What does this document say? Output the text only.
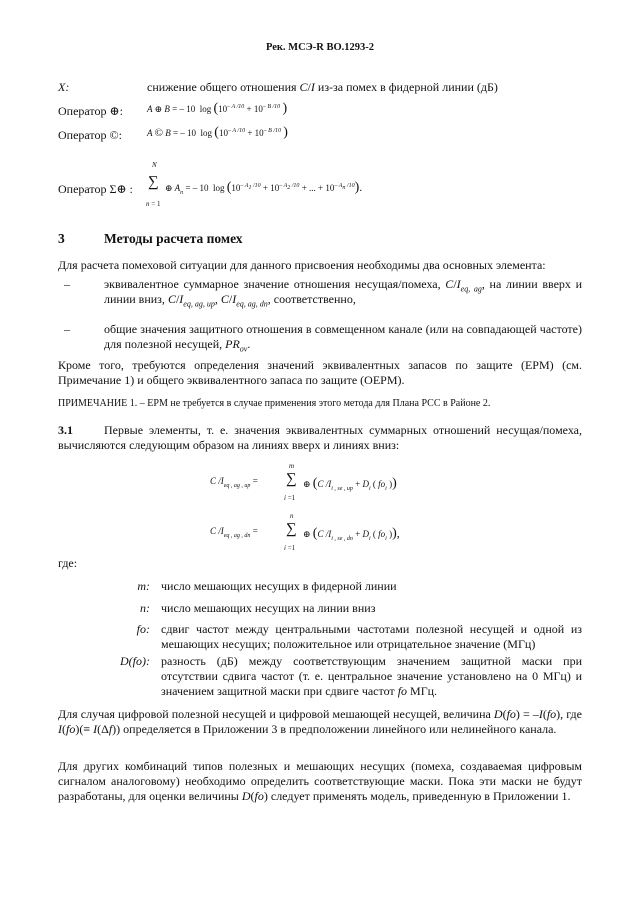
Рек. МСЭ-R BO.1293-2
X:	снижение общего отношения C/I из-за помех в фидерной линии (дБ)
Оператор ⊕:	A ⊕ B = – 10  $\log (10^{- A /10} + 10^{- B /10}$ )
Оператор ©:	A © B = – 10  $\log (10^{- A /10} + 10^{- B /10}$ )
Оператор Σ⊕ :
N
∑
n = 1
⊕ $A_n$ = – 10  $\log (10^{- A_1 /10} + 10^{- A_2 /10}$ + ... + $10^{- A_n /10}$).
3	Методы расчета помех
Для расчета помеховой ситуации для данного присвоения необходимы два основных элемента:
–	эквивалентное суммарное значение отношения несущая/помеха, $C/I_{eq, ag}$, на линии вверх и линии вниз, $C/I_{eq, ag, up}$, $C/I_{eq, ag, dn}$, соответственно,
–	общие значения защитного отношения в совмещенном канале (или на совпадающей частоте) для полезной несущей, $PR_{ov}$.
Кроме того, требуются определения значений эквивалентных запасов по защите (EPM) (см. Примечание 1) и общего эквивалентного запаса по защите (OEPM).
ПРИМЕЧАНИЕ 1. – EPM не требуется в случае применения этого метода для Плана РСС в Районе 2.
3.1	Первые элементы, т. е. значения эквивалентных суммарных отношений несущая/помеха, вычисляются следующим образом на линиях вверх и линиях вниз:
C $/I_{eq , ag , up}$ =
m
∑
i =1
⊕ (C $/I_{i , se , up} + D_i$ ( $fo_i$ ))
C $/I_{eq , ag , dn}$ =
n
∑
i =1
⊕ (C $/I_{i , se , dn} + D_i$ ( $fo_i$ )),
где:
m: число мешающих несущих в фидерной линии
n: число мешающих несущих на линии вниз
fo: сдвиг частот между центральными частотами полезной несущей и одной из мешающих несущих; положительное или отрицательное значение (МГц)
D(fo): разность (дБ) между соответствующим значением защитной маски при отсутствии сдвига частот (т. е. центральное значение установлено на 0 МГц) и значением защитной маски при сдвиге частот fo МГц.
Для случая цифровой полезной несущей и цифровой мешающей несущей, величина D(fo) = –I(fo), где I(fo)(≡ I(Δf)) определяется в Приложении 3 в предположении линейного или нелинейного канала.
Для других комбинаций типов полезных и мешающих несущих (помеха, создаваемая цифровым сигналом аналоговому) необходимо определить соответствующие маски. Пока эти маски не будут разработаны, для оценки величины D(fo) следует применять модель, приведенную в Приложении 1.
